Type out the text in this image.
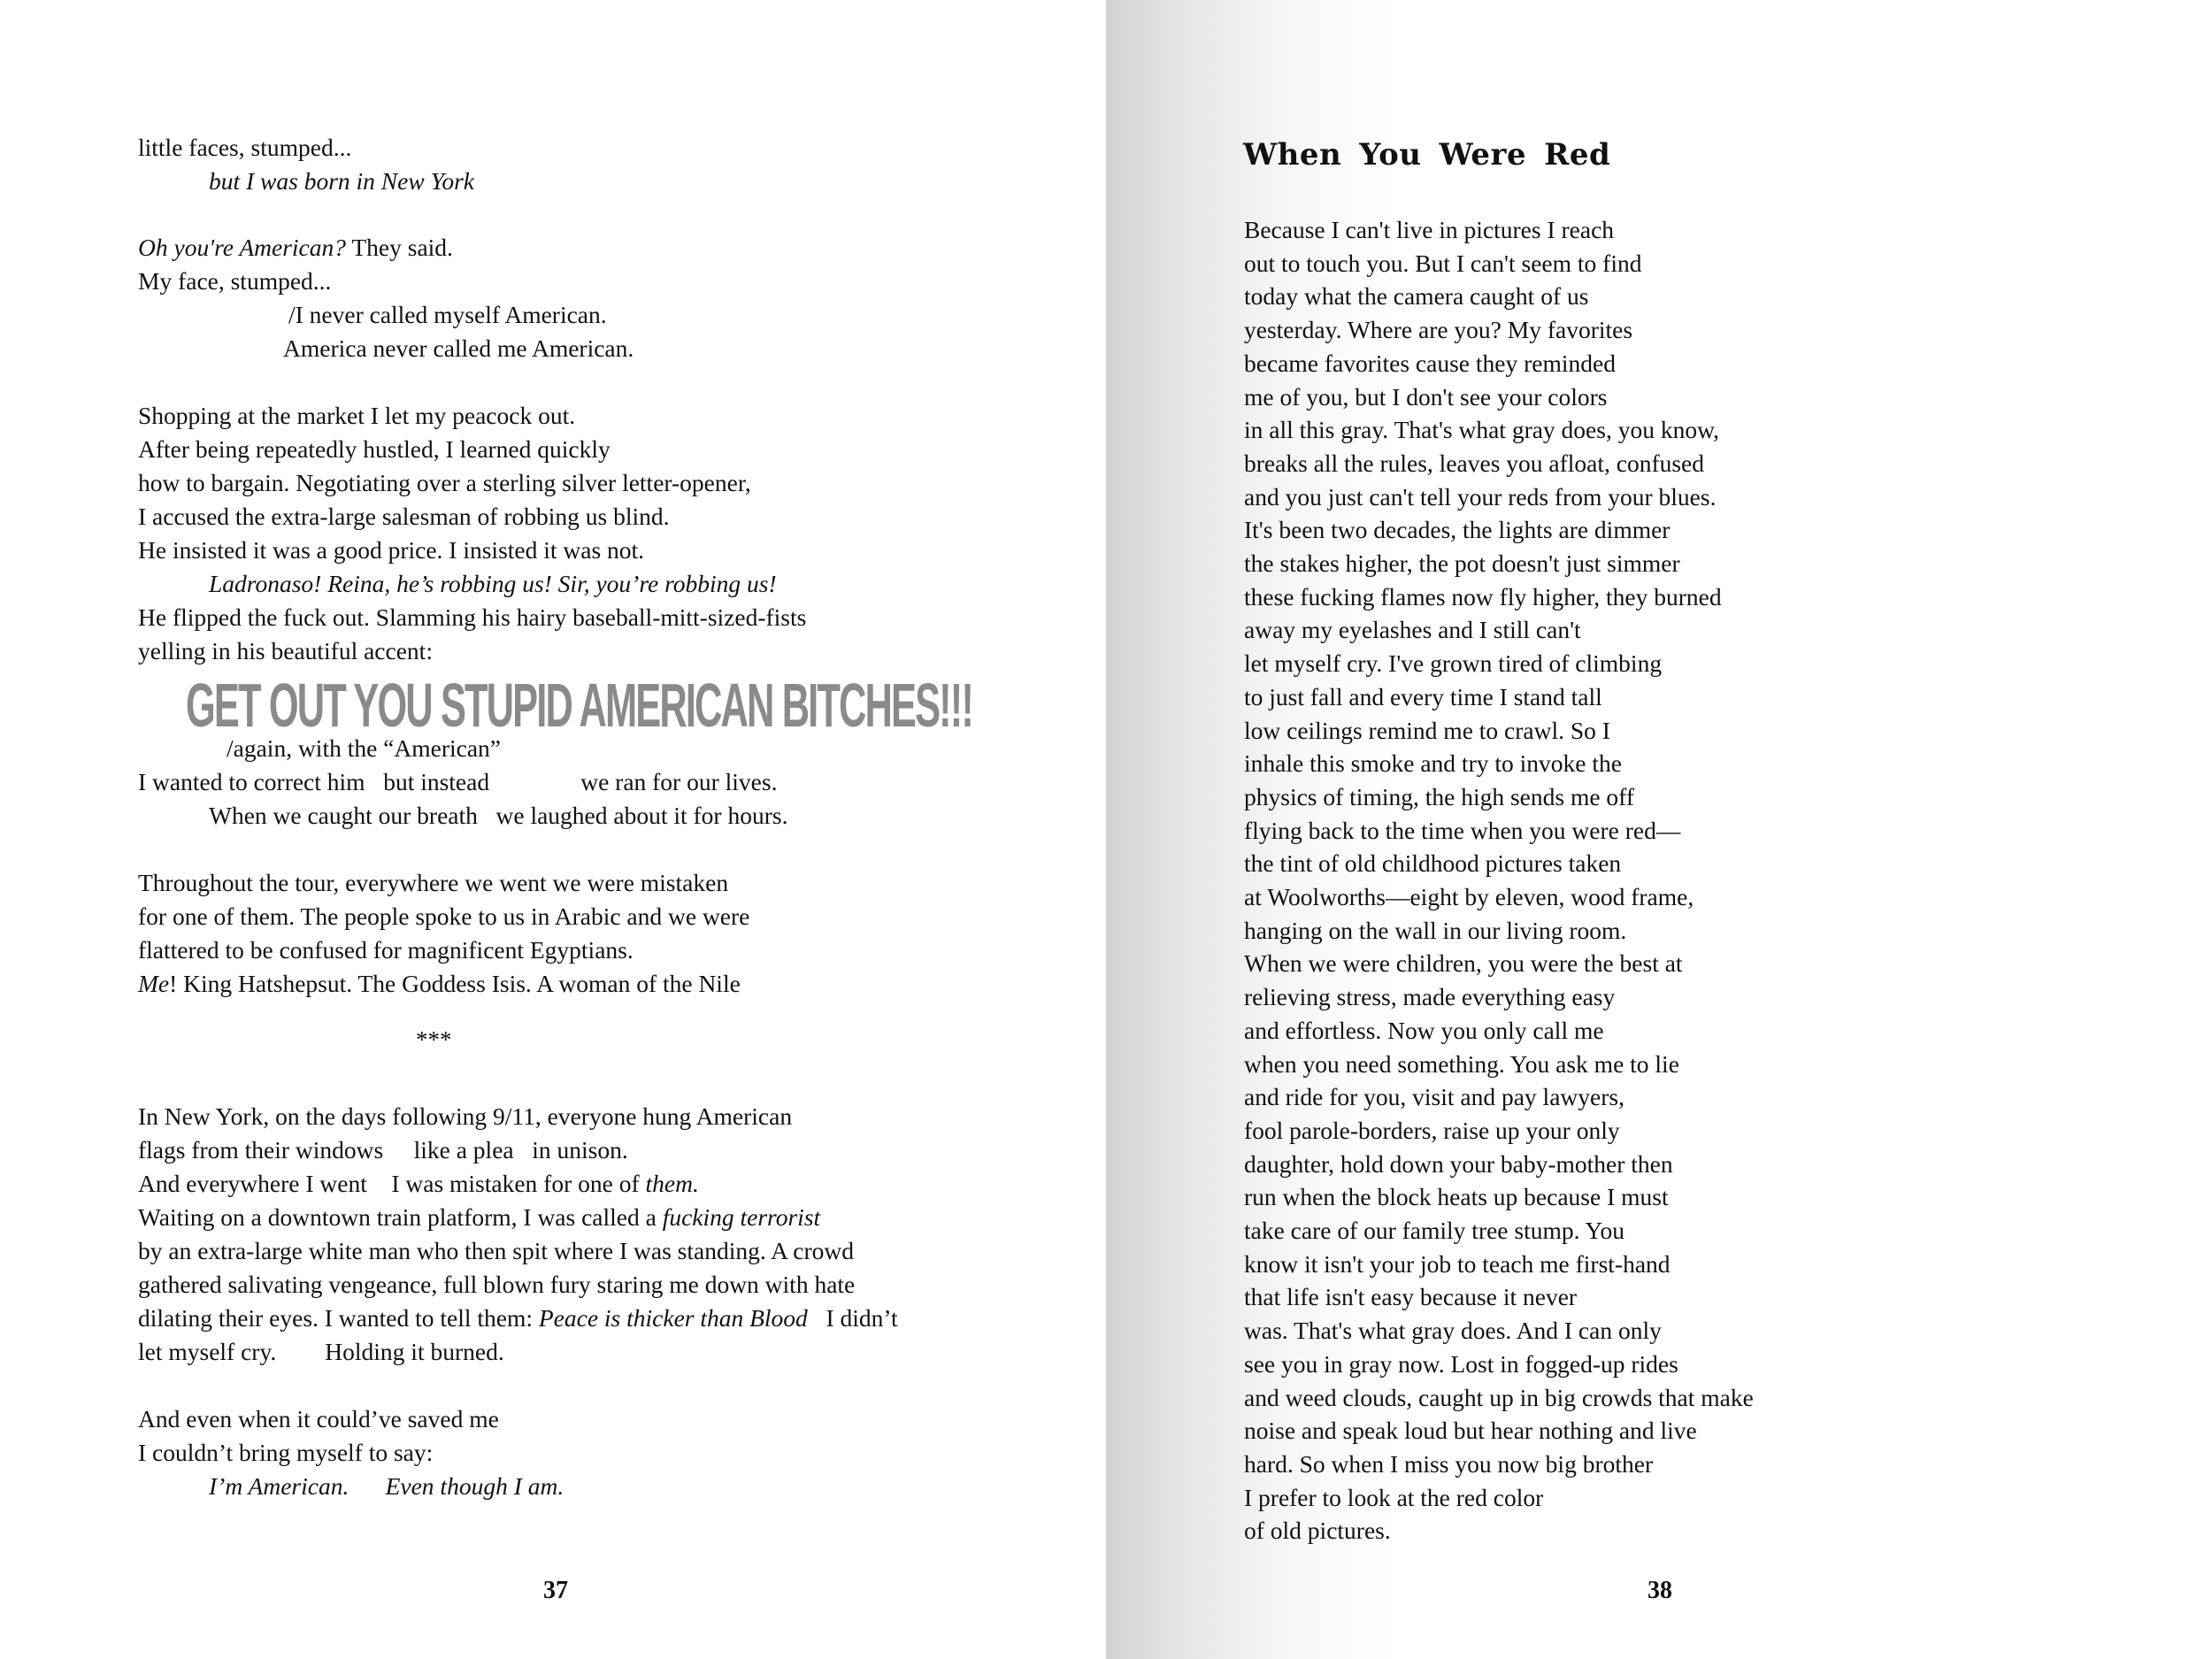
little faces, stumped...
but I was born in New York
Oh you're American? They said.
My face, stumped...
/I never called myself American.
America never called me American.
Shopping at the market I let my peacock out.
After being repeatedly hustled, I learned quickly
how to bargain. Negotiating over a sterling silver letter-opener,
I accused the extra-large salesman of robbing us blind.
He insisted it was a good price. I insisted it was not.
Ladronaso! Reina, he’s robbing us! Sir, you’re robbing us!
He flipped the fuck out. Slamming his hairy baseball-mitt-sized-fists
yelling in his beautiful accent:
/again, with the “American”
I wanted to correct him   but instead               we ran for our lives.
When we caught our breath   we laughed about it for hours.
Throughout the tour, everywhere we went we were mistaken
for one of them. The people spoke to us in Arabic and we were
flattered to be confused for magnificent Egyptians.
Me! King Hatshepsut. The Goddess Isis. A woman of the Nile
In New York, on the days following 9/11, everyone hung American
flags from their windows     like a plea   in unison.
And everywhere I went    I was mistaken for one of them.
Waiting on a downtown train platform, I was called a fucking terrorist
by an extra-large white man who then spit where I was standing. A crowd
gathered salivating vengeance, full blown fury staring me down with hate
dilating their eyes. I wanted to tell them: Peace is thicker than Blood   I didn’t
let myself cry.        Holding it burned.
And even when it could’ve saved me
I couldn’t bring myself to say:
I’m American.      Even though I am.
GET OUT YOU STUPID AMERICAN BITCHES!!!
***
37
When You Were Red
Because I can't live in pictures I reach
out to touch you. But I can't seem to find
today what the camera caught of us
yesterday. Where are you? My favorites
became favorites cause they reminded
me of you, but I don't see your colors
in all this gray. That's what gray does, you know,
breaks all the rules, leaves you afloat, confused
and you just can't tell your reds from your blues.
It's been two decades, the lights are dimmer
the stakes higher, the pot doesn't just simmer
these fucking flames now fly higher, they burned
away my eyelashes and I still can't
let myself cry. I've grown tired of climbing
to just fall and every time I stand tall
low ceilings remind me to crawl. So I
inhale this smoke and try to invoke the
physics of timing, the high sends me off
flying back to the time when you were red—
the tint of old childhood pictures taken
at Woolworths—eight by eleven, wood frame,
hanging on the wall in our living room.
When we were children, you were the best at
relieving stress, made everything easy
and effortless. Now you only call me
when you need something. You ask me to lie
and ride for you, visit and pay lawyers,
fool parole-borders, raise up your only
daughter, hold down your baby-mother then
run when the block heats up because I must
take care of our family tree stump. You
know it isn't your job to teach me first-hand
that life isn't easy because it never
was. That's what gray does. And I can only
see you in gray now. Lost in fogged-up rides
and weed clouds, caught up in big crowds that make
noise and speak loud but hear nothing and live
hard. So when I miss you now big brother
I prefer to look at the red color
of old pictures.
38
